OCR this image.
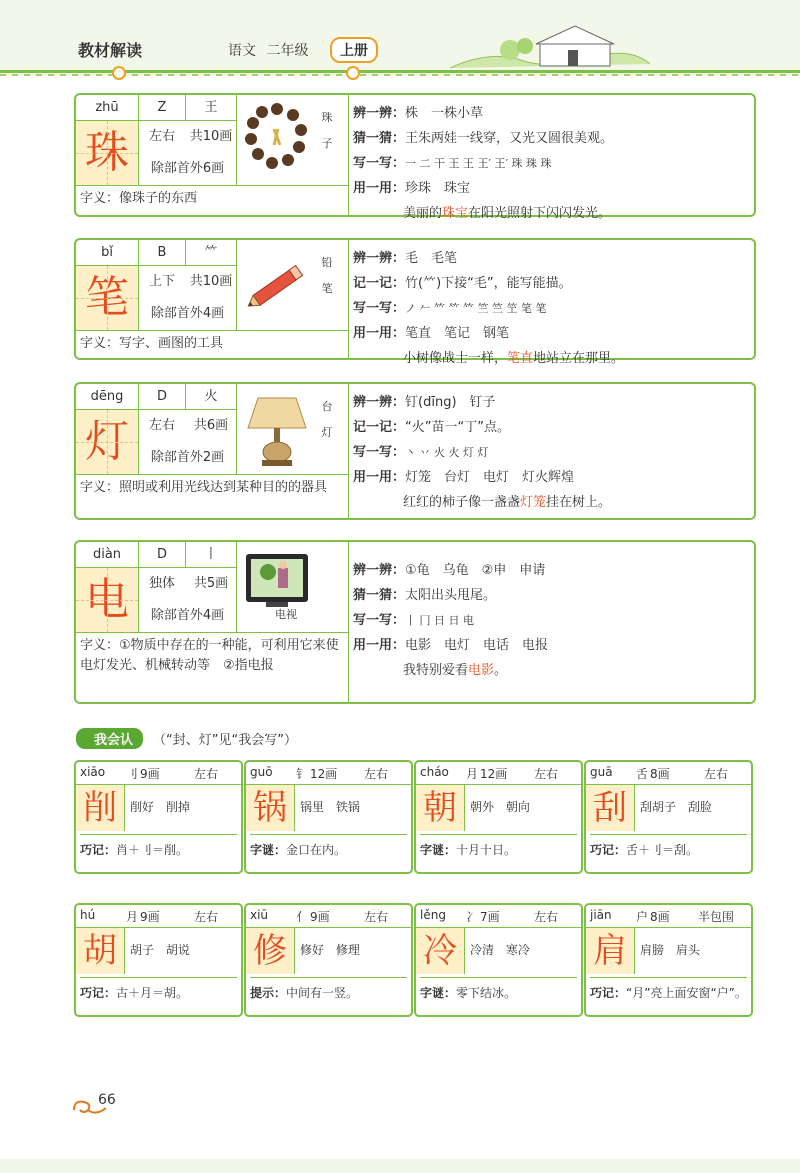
教材解读	语文 二年级	上册
zhū	Z	王
珠	左右	共10画
除部首外6画
珠子
字义：像珠子的东西
辨一辨：株　一株小草
猜一猜：王朱两娃一线穿，又光又圆很美观。
写一写：一 二 干 王 王 王′ 王′ 珠 珠 珠
用一用：珍珠　珠宝
美丽的珠宝在阳光照射下闪闪发光。
bǐ	B	⺮
笔	上下	共10画
除部首外4画
铅笔
字义：写字、画图的工具
辨一辨：毛　毛笔
记一记：竹(⺮)下接“毛”，能写能描。
写一写：ノ 𠂉 𥫗 𥫗 𥫗 竺 竺 笁 笔 笔
用一用：笔直　笔记　钢笔
小树像战士一样，笔直地站立在那里。
dēng	D	火
灯	左右	共6画
除部首外2画
台灯
字义：照明或利用光线达到某种目的的器具
辨一辨：钉(dīng)　钉子
记一记：“火”苗一“丁”点。
写一写：丶 丷 火 火 灯 灯
用一用：灯笼　台灯　电灯　灯火辉煌
红红的柿子像一盏盏灯笼挂在树上。
diàn	D	丨
电	独体	共5画
除部首外4画	电视
字义：①物质中存在的一种能，可利用它来使电灯发光、机械转动等　②指电报
辨一辨：①龟　乌龟　②申　申请
猜一猜：太阳出头甩尾。
写一写：丨 冂 日 日 电
用一用：电影　电灯　电话　电报
我特别爱看电影。
我会认 （“封、灯”见“我会写”）
xiāo 刂 9画	左右
削	削好 削掉
巧记：肖＋刂＝削。
guō 钅 12画 左右
锅	锅里 铁锅
字谜：金口在内。
cháo 月 12画 左右
朝	朝外 朝向
字谜：十月十日。
guā 舌 8画	左右
刮	刮胡子 刮脸
巧记：舌＋刂＝刮。
hú	月 9画	左右
胡	胡子 胡说
巧记：古＋月＝胡。
xiū 亻 9画	左右
修	修好 修理
提示：中间有一竖。
lěng 冫 7画	左右
冷	冷清 寒冷
字谜：零下结冰。
jiān 户 8画 半包围
肩	肩膀 肩头
巧记：“月”亮上面安窗“户”。
66
